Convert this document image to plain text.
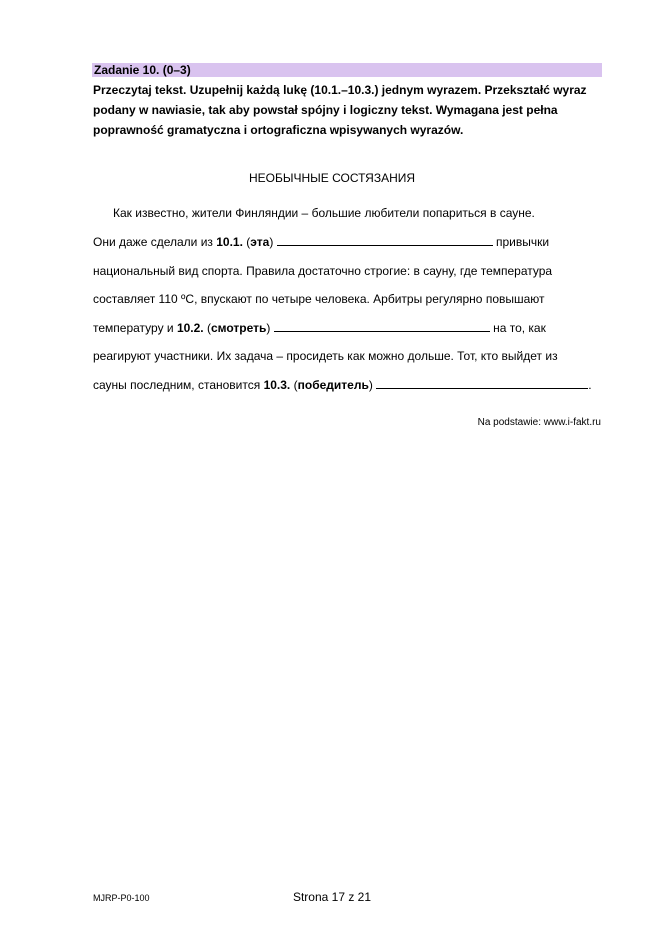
Zadanie 10. (0–3)
Przeczytaj tekst. Uzupełnij każdą lukę (10.1.–10.3.) jednym wyrazem. Przekształć wyraz podany w nawiasie, tak aby powstał spójny i logiczny tekst. Wymagana jest pełna poprawność gramatyczna i ortograficzna wpisywanych wyrazów.
НЕОБЫЧНЫЕ СОСТЯЗАНИЯ
Как известно, жители Финляндии – большие любители попариться в сауне.
Они даже сделали из 10.1. (эта)	привычки
национальный вид спорта. Правила достаточно строгие: в сауну, где температура
составляет 110 ºC, впускают по четыре человека. Арбитры регулярно повышают
температуру и 10.2. (смотреть)	на то, как
реагируют участники. Их задача – просидеть как можно дольше. Тот, кто выйдет из
сауны последним, становится 10.3. (победитель)	.
Na podstawie: www.i-fakt.ru
MJRP-P0-100	Strona 17 z 21
